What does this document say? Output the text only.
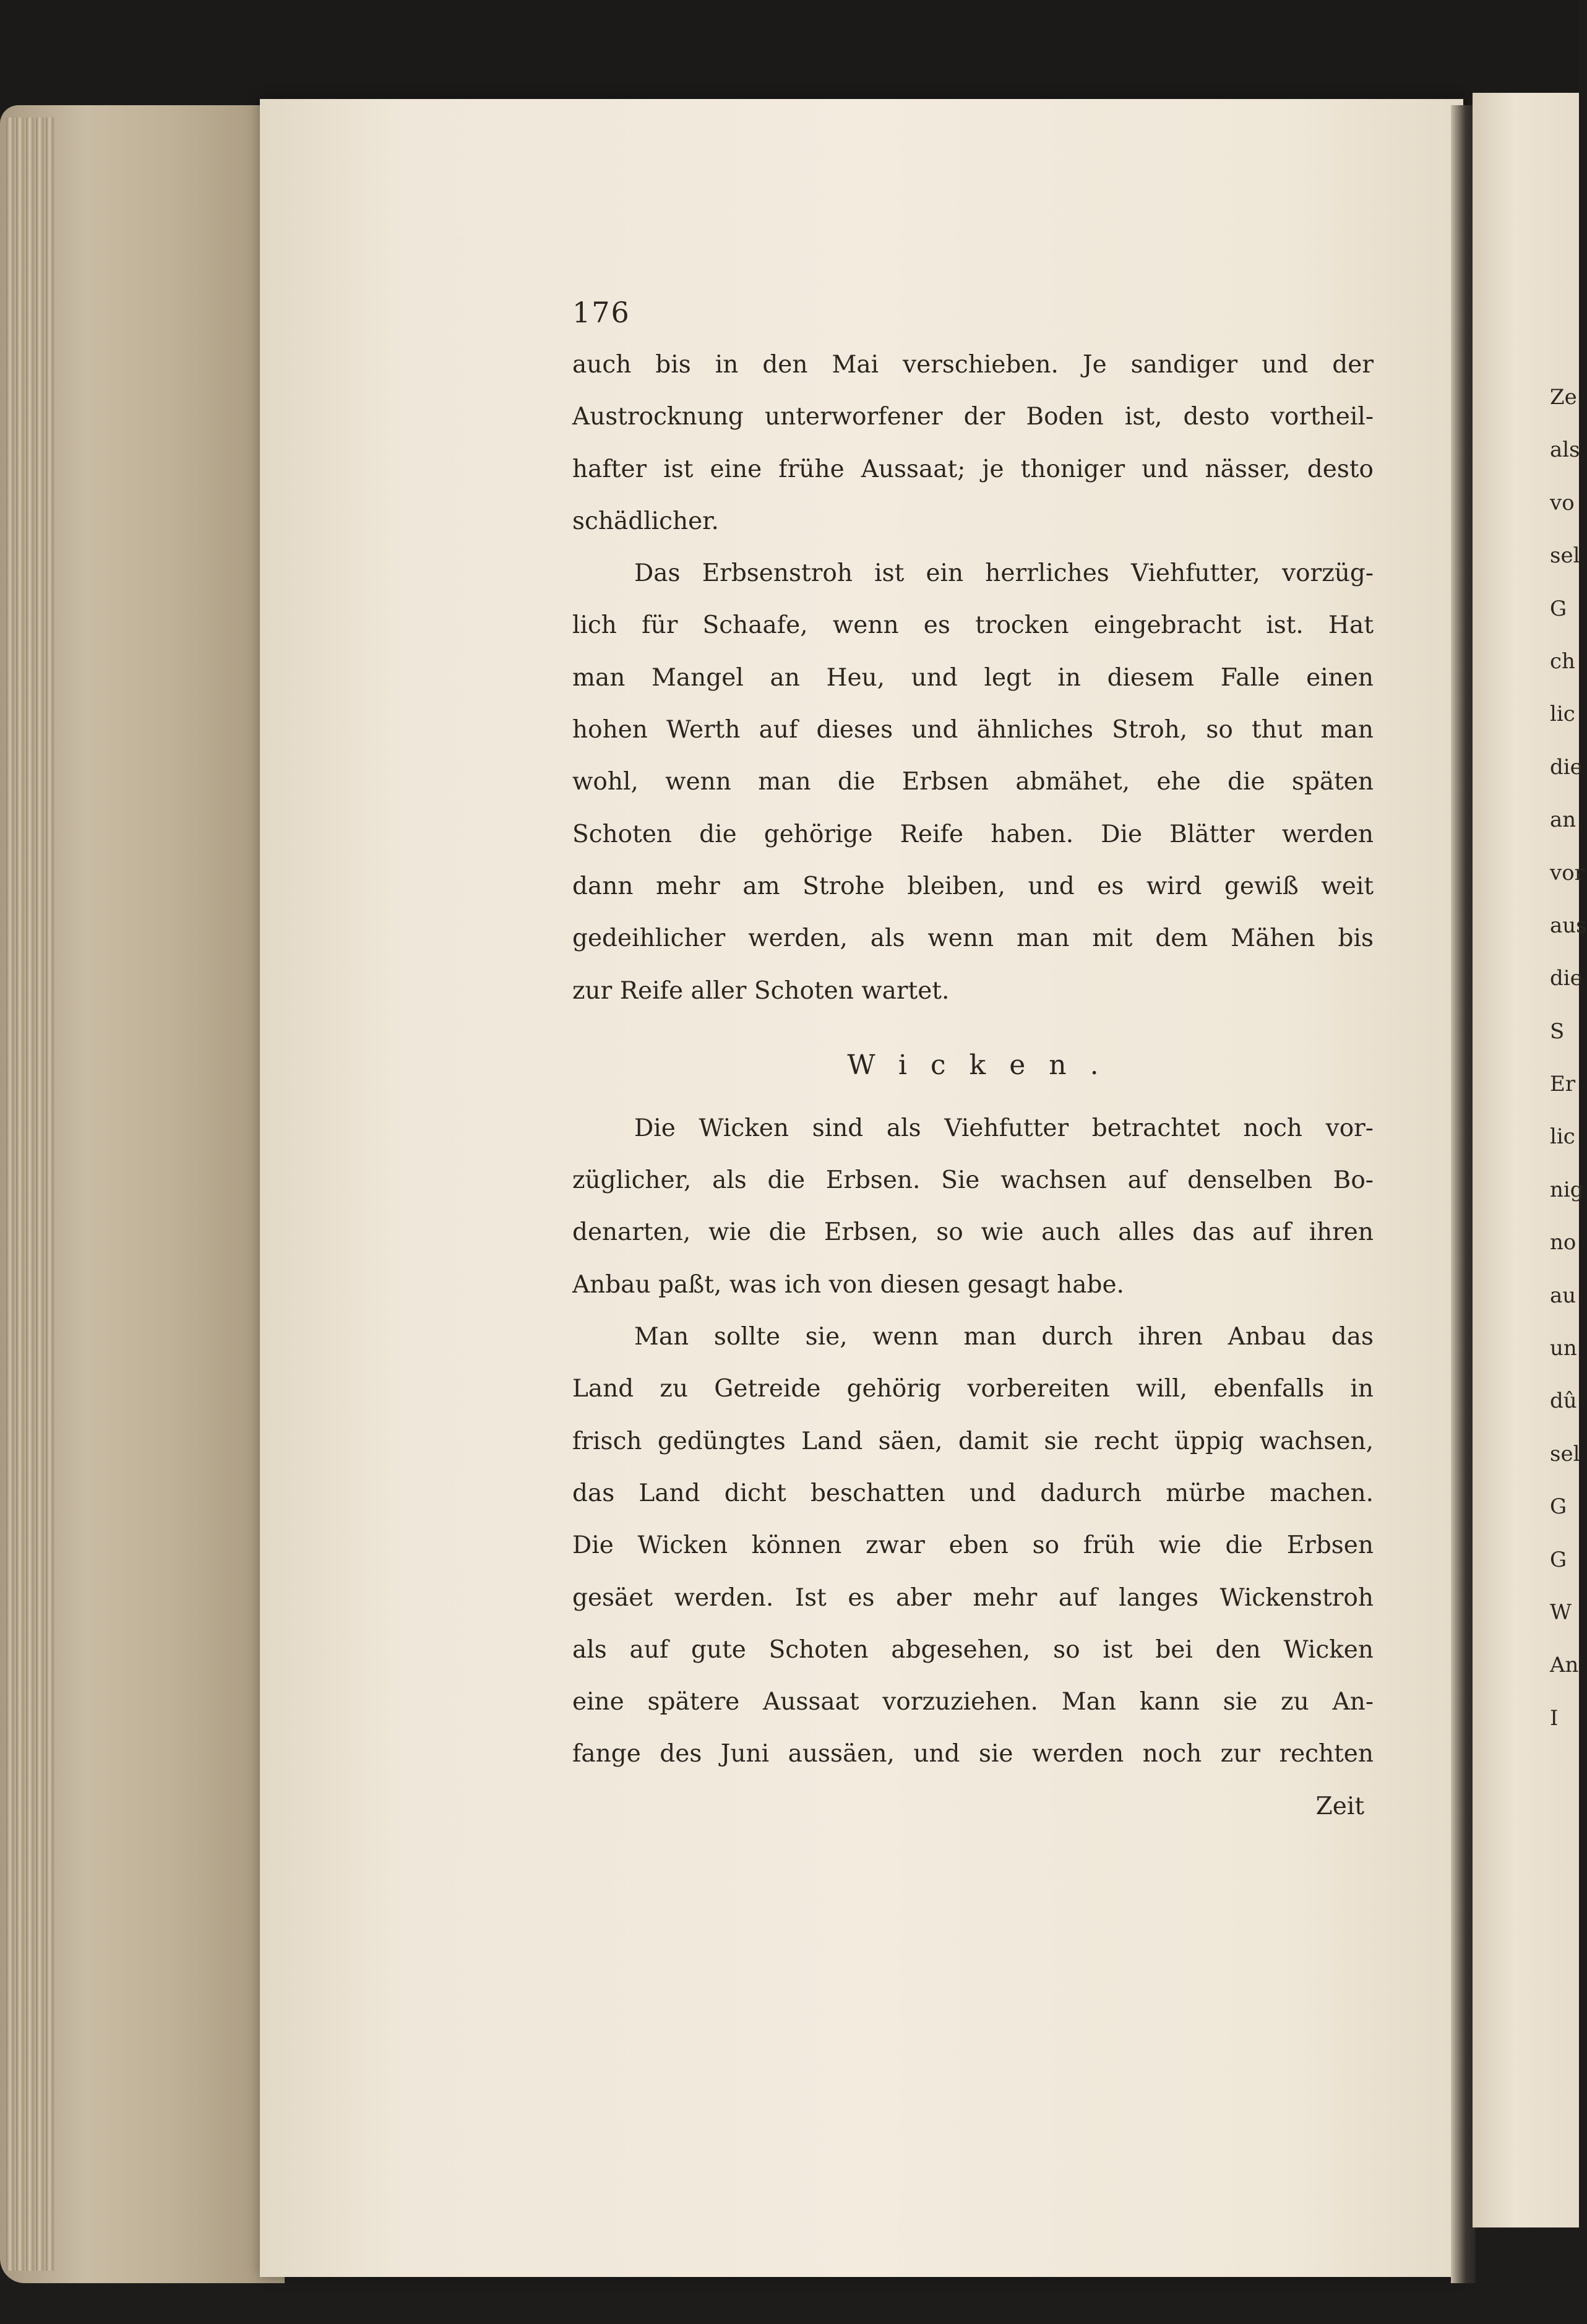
Ze
als
vo
sel
G
ch
lic
die
an
vor
aus
die
S
Er
lic
nig
no
au
un
dû
sel
G
G
W
An
I
176
auch bis in den Mai verschieben. Je sandiger und der
Austrocknung unterworfener der Boden ist, desto vortheil-
hafter ist eine frühe Aussaat; je thoniger und nässer, desto
schädlicher.
Das Erbsenstroh ist ein herrliches Viehfutter, vorzüg-
lich für Schaafe, wenn es trocken eingebracht ist. Hat
man Mangel an Heu, und legt in diesem Falle einen
hohen Werth auf dieses und ähnliches Stroh, so thut man
wohl, wenn man die Erbsen abmähet, ehe die späten
Schoten die gehörige Reife haben. Die Blätter werden
dann mehr am Strohe bleiben, und es wird gewiß weit
gedeihlicher werden, als wenn man mit dem Mähen bis
zur Reife aller Schoten wartet.
Wicken.
Die Wicken sind als Viehfutter betrachtet noch vor-
züglicher, als die Erbsen. Sie wachsen auf denselben Bo-
denarten, wie die Erbsen, so wie auch alles das auf ihren
Anbau paßt, was ich von diesen gesagt habe.
Man sollte sie, wenn man durch ihren Anbau das
Land zu Getreide gehörig vorbereiten will, ebenfalls in
frisch gedüngtes Land säen, damit sie recht üppig wachsen,
das Land dicht beschatten und dadurch mürbe machen.
Die Wicken können zwar eben so früh wie die Erbsen
gesäet werden. Ist es aber mehr auf langes Wickenstroh
als auf gute Schoten abgesehen, so ist bei den Wicken
eine spätere Aussaat vorzuziehen. Man kann sie zu An-
fange des Juni aussäen, und sie werden noch zur rechten
Zeit
